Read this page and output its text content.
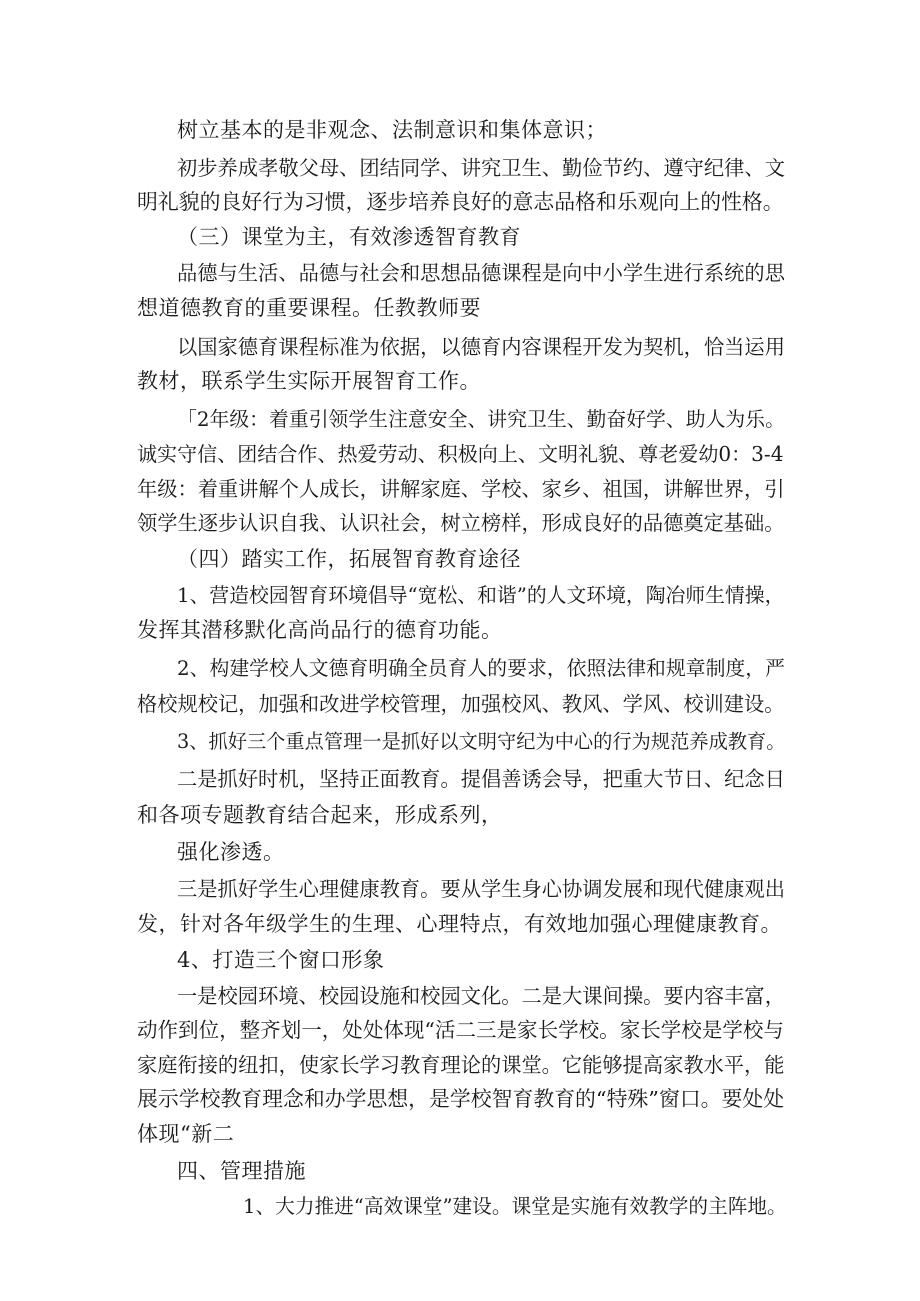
树立基本的是非观念、法制意识和集体意识；
初步养成孝敬父母、团结同学、讲究卫生、勤俭节约、遵守纪律、文
明礼貌的良好行为习惯，逐步培养良好的意志品格和乐观向上的性格。
（三）课堂为主，有效渗透智育教育
品德与生活、品德与社会和思想品德课程是向中小学生进行系统的思
想道德教育的重要课程。任教教师要
以国家德育课程标准为依据，以德育内容课程开发为契机，恰当运用
教材，联系学生实际开展智育工作。
「2年级：着重引领学生注意安全、讲究卫生、勤奋好学、助人为乐。
诚实守信、团结合作、热爱劳动、积极向上、文明礼貌、尊老爱幼0：3-4
年级：着重讲解个人成长，讲解家庭、学校、家乡、祖国，讲解世界，引
领学生逐步认识自我、认识社会，树立榜样，形成良好的品德奠定基础。
（四）踏实工作，拓展智育教育途径
1、营造校园智育环境倡导“宽松、和谐”的人文环境，陶冶师生情操，
发挥其潜移默化高尚品行的德育功能。
2、构建学校人文德育明确全员育人的要求，依照法律和规章制度，严
格校规校记，加强和改进学校管理，加强校风、教风、学风、校训建设。
3、抓好三个重点管理一是抓好以文明守纪为中心的行为规范养成教育。
二是抓好时机，坚持正面教育。提倡善诱会导，把重大节日、纪念日
和各项专题教育结合起来，形成系列，
强化渗透。
三是抓好学生心理健康教育。要从学生身心协调发展和现代健康观出
发，针对各年级学生的生理、心理特点，有效地加强心理健康教育。
4、打造三个窗口形象
一是校园环境、校园设施和校园文化。二是大课间操。要内容丰富，
动作到位，整齐划一，处处体现“活二三是家长学校。家长学校是学校与
家庭衔接的纽扣，使家长学习教育理论的课堂。它能够提高家教水平，能
展示学校教育理念和办学思想，是学校智育教育的“特殊”窗口。要处处
体现“新二
四、管理措施
1、大力推进“高效课堂”建设。课堂是实施有效教学的主阵地。
